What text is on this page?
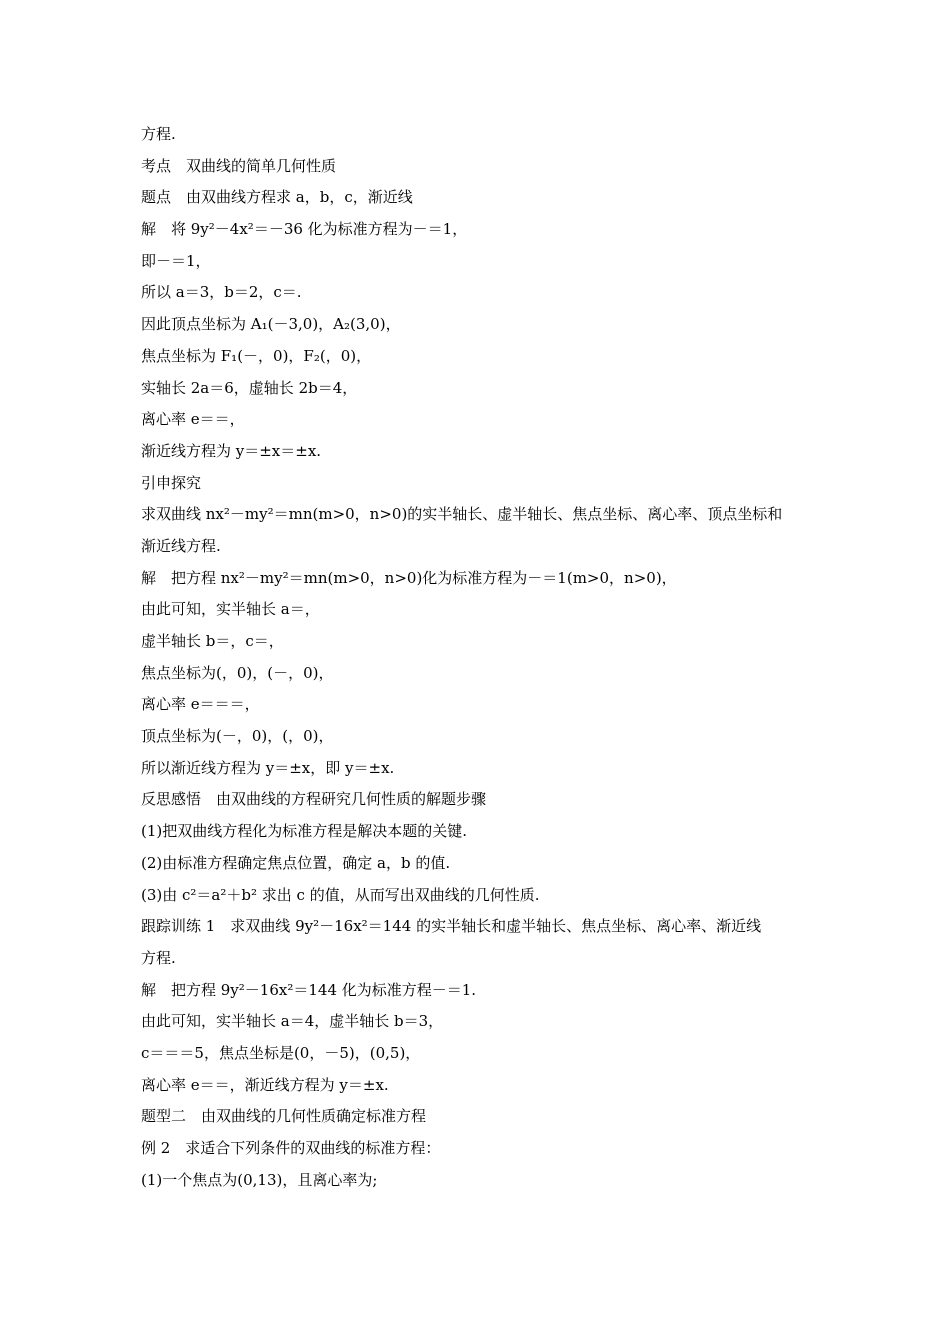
方程.
考点　双曲线的简单几何性质
题点　由双曲线方程求 a，b，c，渐近线
解　将 9y²－4x²＝－36 化为标准方程为－＝1，
即－＝1，
所以 a＝3，b＝2，c＝.
因此顶点坐标为 A₁(－3,0)，A₂(3,0)，
焦点坐标为 F₁(－，0)，F₂(，0)，
实轴长 2a＝6，虚轴长 2b＝4，
离心率 e＝＝，
渐近线方程为 y＝±x＝±x.
引申探究
求双曲线 nx²－my²＝mn(m>0，n>0)的实半轴长、虚半轴长、焦点坐标、离心率、顶点坐标和
渐近线方程.
解　把方程 nx²－my²＝mn(m>0，n>0)化为标准方程为－＝1(m>0，n>0)，
由此可知，实半轴长 a＝，
虚半轴长 b＝，c＝，
焦点坐标为(，0)，(－，0)，
离心率 e＝＝＝，
顶点坐标为(－，0)，(，0)，
所以渐近线方程为 y＝±x，即 y＝±x.
反思感悟　由双曲线的方程研究几何性质的解题步骤
(1)把双曲线方程化为标准方程是解决本题的关键.
(2)由标准方程确定焦点位置，确定 a，b 的值.
(3)由 c²＝a²＋b² 求出 c 的值，从而写出双曲线的几何性质.
跟踪训练 1　求双曲线 9y²－16x²＝144 的实半轴长和虚半轴长、焦点坐标、离心率、渐近线
方程.
解　把方程 9y²－16x²＝144 化为标准方程－＝1.
由此可知，实半轴长 a＝4，虚半轴长 b＝3，
c＝＝＝5，焦点坐标是(0，－5)，(0,5)，
离心率 e＝＝，渐近线方程为 y＝±x.
题型二　由双曲线的几何性质确定标准方程
例 2　求适合下列条件的双曲线的标准方程：
(1)一个焦点为(0,13)，且离心率为;
